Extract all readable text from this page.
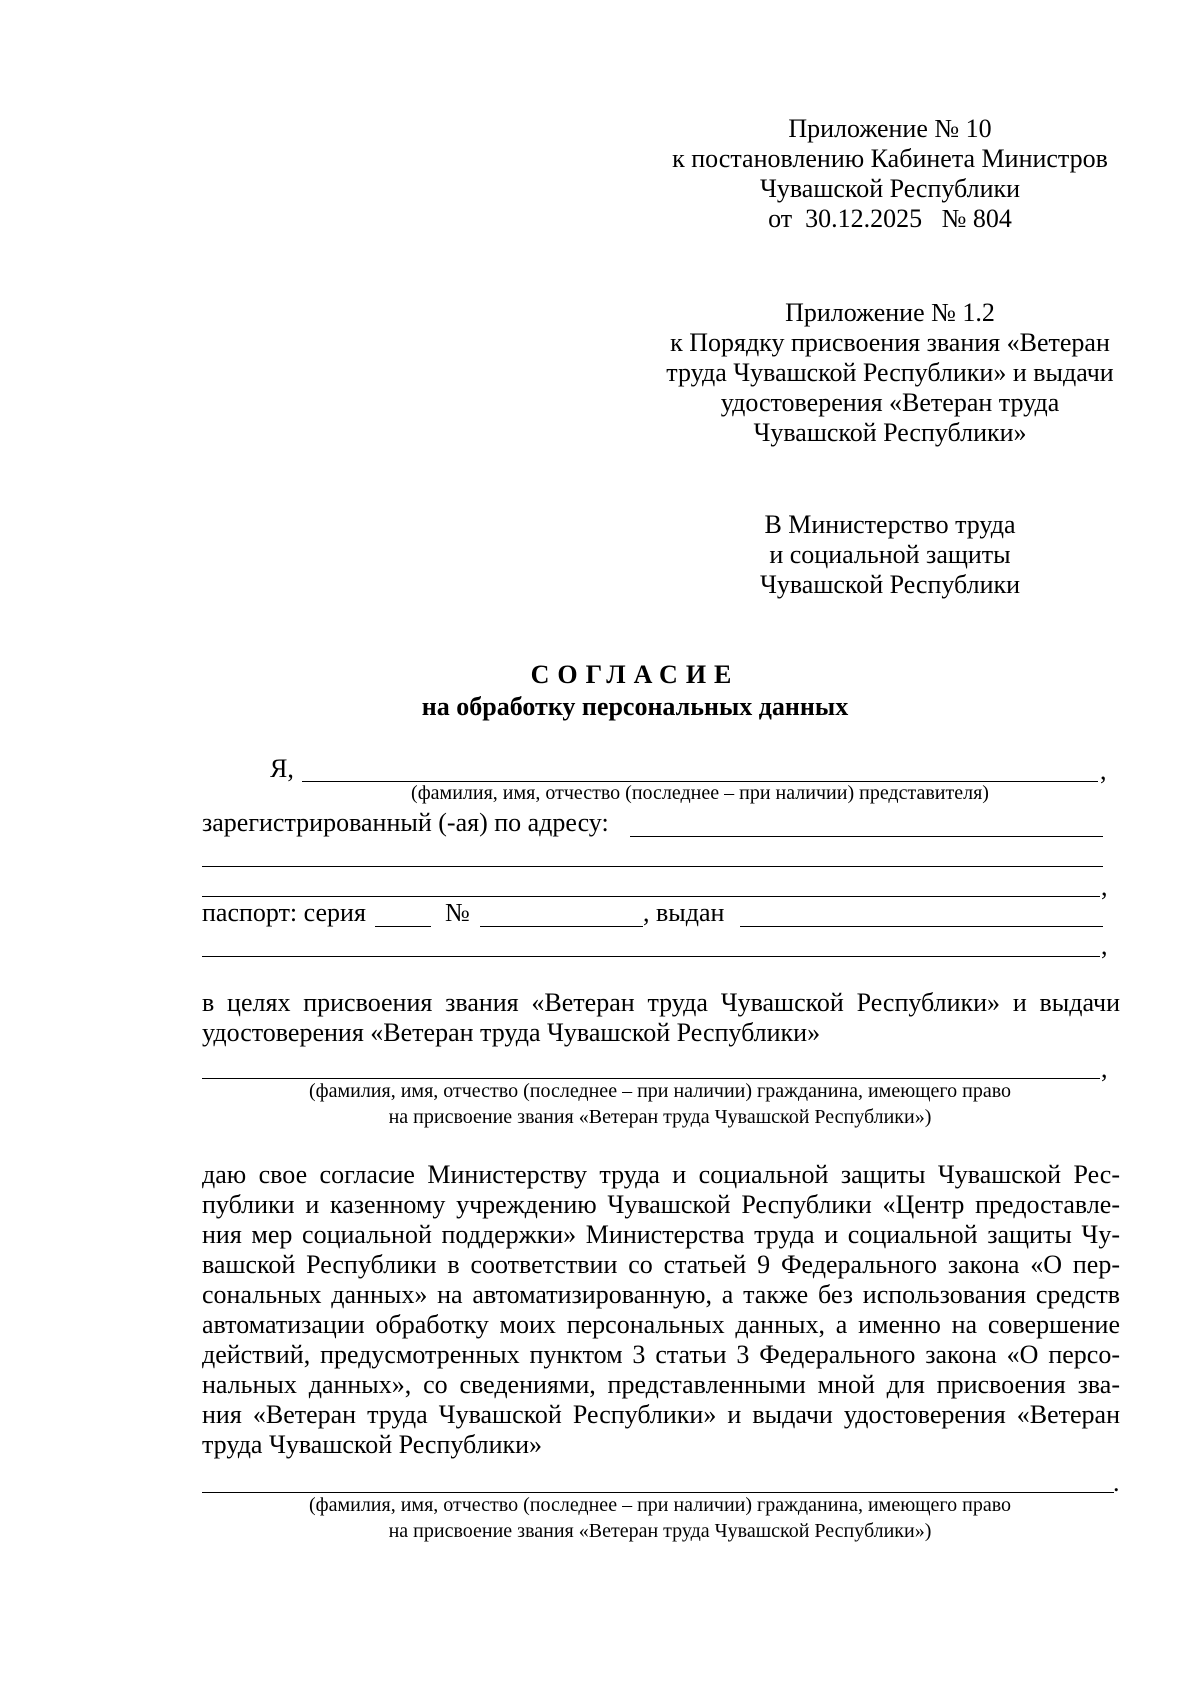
Приложение № 10
к постановлению Кабинета Министров
Чувашской Республики
от  30.12.2025   № 804
Приложение № 1.2
к Порядку присвоения звания «Ветеран
труда Чувашской Республики» и выдачи
удостоверения «Ветеран труда
Чувашской Республики»
В Министерство труда
и социальной защиты
Чувашской Республики
СОГЛАСИЕ
на обработку персональных данных
Я,	,
(фамилия, имя, отчество (последнее – при наличии) представителя)
зарегистрированный (-ая) по адресу:
,
паспорт: серия	№	, выдан
,
в целях присвоения звания «Ветеран труда Чувашской Республики» и выдачи
удостоверения «Ветеран труда Чувашской Республики»
,
(фамилия, имя, отчество (последнее – при наличии) гражданина, имеющего право
на присвоение звания «Ветеран труда Чувашской Республики»)
даю свое согласие Министерству труда и социальной защиты Чувашской Рес-
публики и казенному учреждению Чувашской Республики «Центр предоставле-
ния мер социальной поддержки» Министерства труда и социальной защиты Чу-
вашской Республики в соответствии со статьей 9 Федерального закона «О пер-
сональных данных» на автоматизированную, а также без использования средств
автоматизации обработку моих персональных данных, а именно на совершение
действий, предусмотренных пунктом 3 статьи 3 Федерального закона «О персо-
нальных данных», со сведениями, представленными мной для присвоения зва-
ния «Ветеран труда Чувашской Республики» и выдачи удостоверения «Ветеран
труда Чувашской Республики»
.
(фамилия, имя, отчество (последнее – при наличии) гражданина, имеющего право
на присвоение звания «Ветеран труда Чувашской Республики»)
